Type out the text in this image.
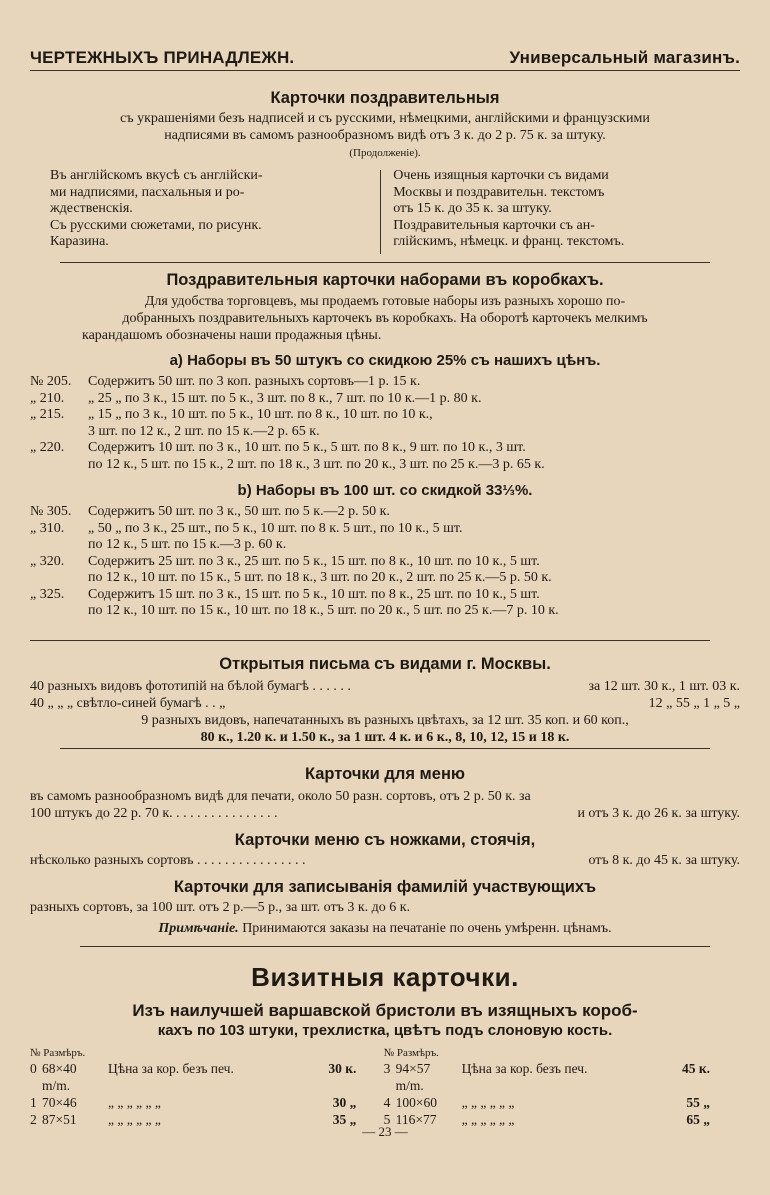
ЧЕРТЕЖНЫХЪ ПРИНАДЛЕЖН.	Универсальный магазинъ.
Карточки поздравительныя
съ украшеніями безъ надписей и съ русскими, нѣмецкими, англійскими и французскими
надписями въ самомъ разнообразномъ видѣ отъ 3 к. до 2 р. 75 к. за штуку.
(Продолженіе).
Въ англійскомъ вкусѣ съ англійски-
ми надписями, пасхальныя и ро-
ждественскія.
Съ русскими сюжетами, по рисунк.
Каразина.
Очень изящныя карточки съ видами
Москвы и поздравительн. текстомъ
отъ 15 к. до 35 к. за штуку.
Поздравительныя карточки съ ан-
глійскимъ, нѣмецк. и франц. текстомъ.
Поздравительныя карточки наборами въ коробкахъ.
Для удобства торговцевъ, мы продаемъ готовые наборы изъ разныхъ хорошо по-
добранныхъ поздравительныхъ карточекъ въ коробкахъ. На оборотѣ карточекъ мелкимъ
карандашомъ обозначены наши продажныя цѣны.
а) Наборы въ 50 штукъ со скидкою 25% съ нашихъ цѣнъ.
№ 205.	Содержитъ 50 шт. по 3 коп. разныхъ сортовъ—1 р. 15 к.
„ 210.	„ 25 „ по 3 к., 15 шт. по 5 к., 3 шт. по 8 к., 7 шт. по 10 к.—1 р. 80 к.
„ 215.	„ 15 „ по 3 к., 10 шт. по 5 к., 10 шт. по 8 к., 10 шт. по 10 к.,
3 шт. по 12 к., 2 шт. по 15 к.—2 р. 65 к.
„ 220.	Содержитъ 10 шт. по 3 к., 10 шт. по 5 к., 5 шт. по 8 к., 9 шт. по 10 к., 3 шт.
по 12 к., 5 шт. по 15 к., 2 шт. по 18 к., 3 шт. по 20 к., 3 шт. по 25 к.—3 р. 65 к.
b) Наборы въ 100 шт. со скидкой 33⅓%.
№ 305.	Содержитъ 50 шт. по 3 к., 50 шт. по 5 к.—2 р. 50 к.
„ 310.	„ 50 „ по 3 к., 25 шт., по 5 к., 10 шт. по 8 к. 5 шт., по 10 к., 5 шт.
по 12 к., 5 шт. по 15 к.—3 р. 60 к.
„ 320.	Содержитъ 25 шт. по 3 к., 25 шт. по 5 к., 15 шт. по 8 к., 10 шт. по 10 к., 5 шт.
по 12 к., 10 шт. по 15 к., 5 шт. по 18 к., 3 шт. по 20 к., 2 шт. по 25 к.—5 р. 50 к.
„ 325.	Содержитъ 15 шт. по 3 к., 15 шт. по 5 к., 10 шт. по 8 к., 25 шт. по 10 к., 5 шт.
по 12 к., 10 шт. по 15 к., 10 шт. по 18 к., 5 шт. по 20 к., 5 шт. по 25 к.—7 р. 10 к.
Открытыя письма съ видами г. Москвы.
40 разныхъ видовъ фототипій на бѣлой бумагѣ . . . . . .	за 12 шт. 30 к., 1 шт. 03 к.
40 „ „ „ свѣтло-синей бумагѣ . . „	12 „ 55 „ 1 „ 5 „
9 разныхъ видовъ, напечатанныхъ въ разныхъ цвѣтахъ, за 12 шт. 35 коп. и 60 коп.,
80 к., 1.20 к. и 1.50 к., за 1 шт. 4 к. и 6 к., 8, 10, 12, 15 и 18 к.
Карточки для меню
въ самомъ разнообразномъ видѣ для печати, около 50 разн. сортовъ, отъ 2 р. 50 к. за
100 штукъ до 22 р. 70 к. . . . . . . . . . . . . . . .	и отъ 3 к. до 26 к. за штуку.
Карточки меню съ ножками, стоячія,
нѣсколько разныхъ сортовъ . . . . . . . . . . . . . . . .	отъ 8 к. до 45 к. за штуку.
Карточки для записыванія фамилій участвующихъ
разныхъ сортовъ, за 100 шт. отъ 2 р.—5 р., за шт. отъ 3 к. до 6 к.
Примѣчаніе. Принимаются заказы на печатаніе по очень умѣренн. цѣнамъ.
Визитныя карточки.
Изъ наилучшей варшавской бристоли въ изящныхъ короб-
кахъ по 103 штуки, трехлистка, цвѣтъ подъ слоновую кость.
№ Размѣръ.
0 68×40 m/m.
Цѣна за кор. безъ печ.	30 к.
1 70×46	„ „ „ „ „ „	30 „
2 87×51	„ „ „ „ „ „	35 „
№ Размѣръ.
3 94×57 m/m.
Цѣна за кор. безъ печ.	45 к.
4 100×60	„ „ „ „ „ „	55 „
5 116×77	„ „ „ „ „ „	65 „
— 23 —
